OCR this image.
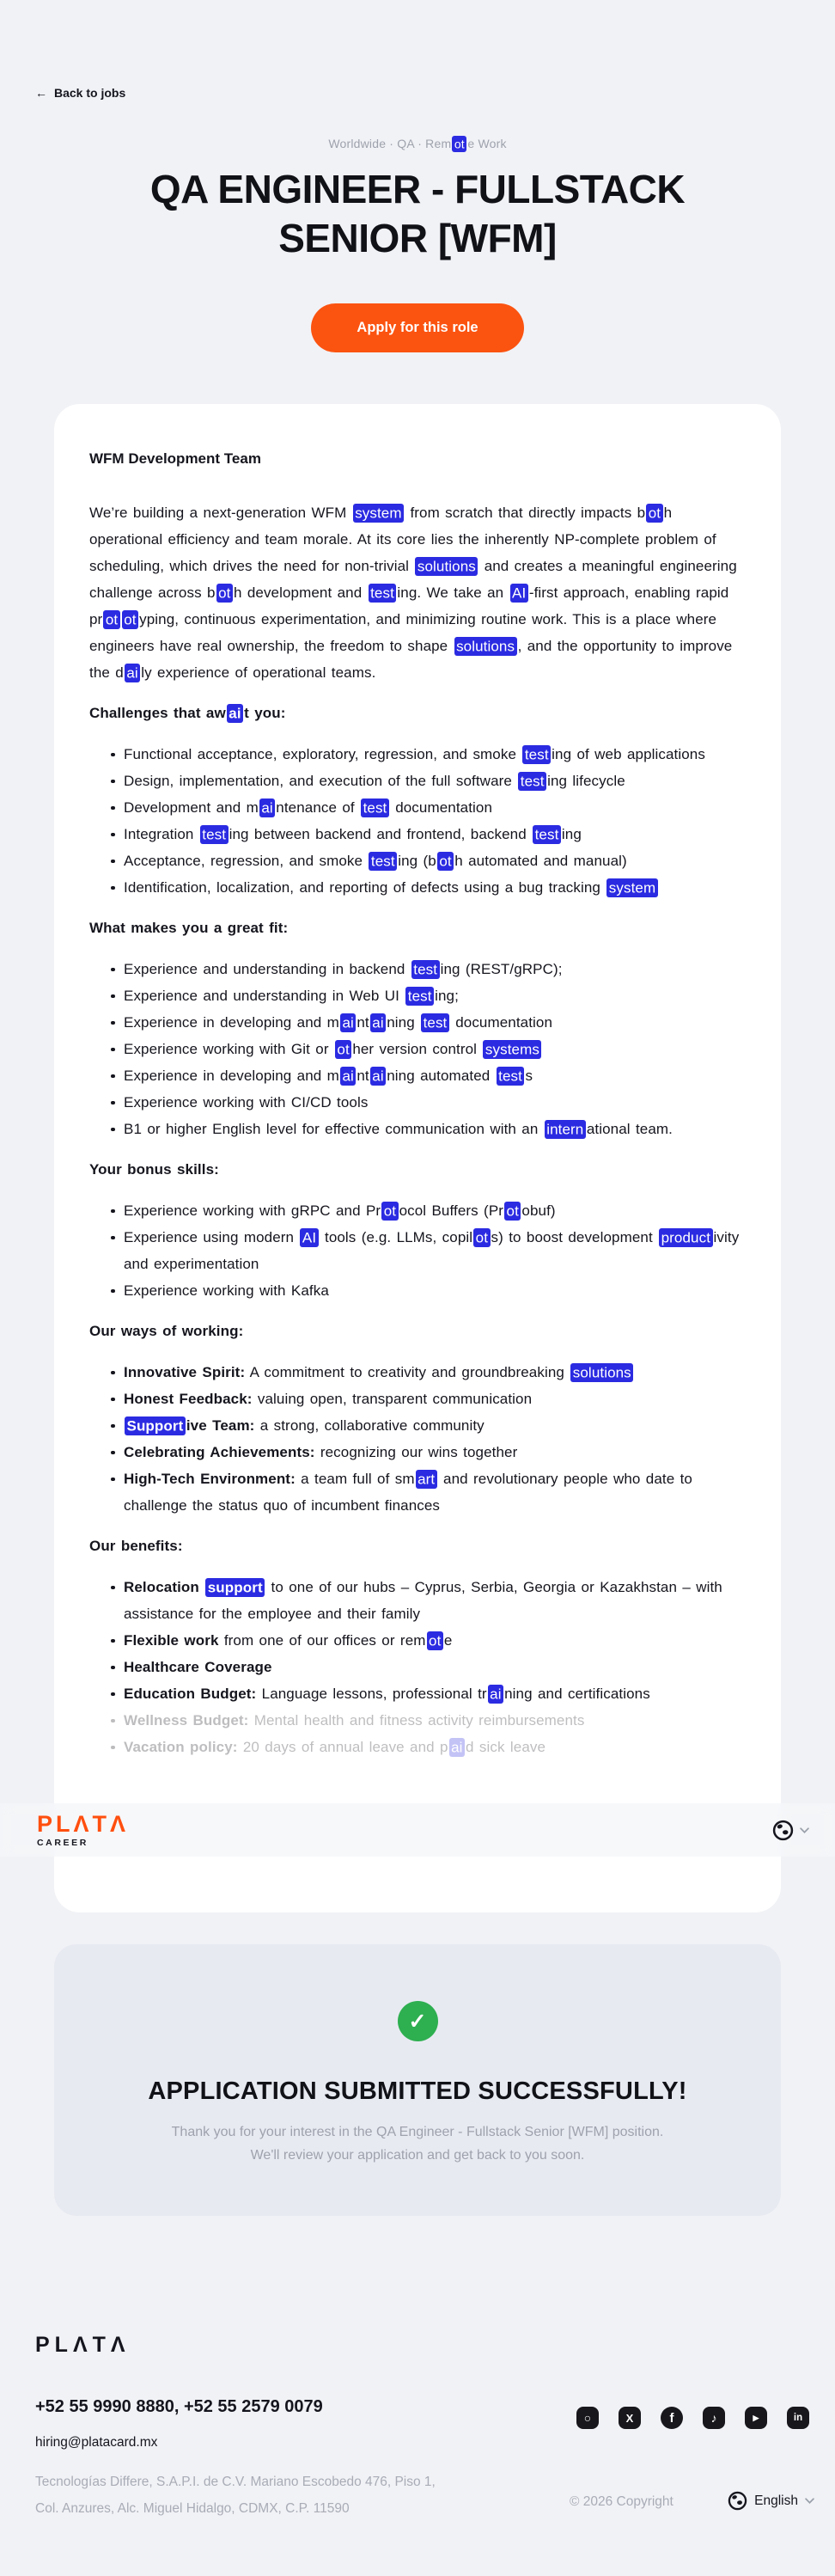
← Back to jobs
Worldwide · QA · Rem ot e Work
QA ENGINEER - FULLSTACK
SENIOR [WFM]
Apply for this role
WFM Development Team

We’re building a next-generation WFM system from scratch that directly impacts b ot h operational efficiency and team morale. At its core lies the inherently NP-complete problem of scheduling, which drives the need for non-trivial solutions and creates a meaningful engineering challenge across b ot h development and test ing. We take an AI -first approach, enabling rapid pr ot ot yping, continuous experimentation, and minimizing routine work. This is a place where engineers have real ownership, the freedom to shape solutions , and the opportunity to improve the d ai ly experience of operational teams.

Challenges that aw ai t you:
Functional acceptance, exploratory, regression, and smoke test ing of web applications
Design, implementation, and execution of the full software test ing lifecycle
Development and m ai ntenance of test documentation
Integration test ing between backend and frontend, backend test ing
Acceptance, regression, and smoke test ing (b ot h automated and manual)
Identification, localization, and reporting of defects using a bug tracking system
What makes you a great fit:
Experience and understanding in backend test ing (REST/gRPC);
Experience and understanding in Web UI test ing;
Experience in developing and m ai nt ai ning test documentation
Experience working with Git or ot her version control systems
Experience in developing and m ai nt ai ning automated test s
Experience working with CI/CD tools
B1 or higher English level for effective communication with an intern ational team.
Your bonus skills:
Experience working with gRPC and Pr ot ocol Buffers (Pr ot obuf)
Experience using modern AI tools (e.g. LLMs, copil ot s) to boost development product ivity and experimentation
Experience working with Kafka
Our ways of working:
Innovative Spirit: A commitment to creativity and groundbreaking solutions
Honest Feedback: valuing open, transparent communication
Support ive Team: a strong, collaborative community
Celebrating Achievements: recognizing our wins together
High-Tech Environment: a team full of sm art and revolutionary people who date to challenge the status quo of incumbent finances
Our benefits:
Relocation support to one of our hubs – Cyprus, Serbia, Georgia or Kazakhstan – with assistance for the employee and their family
Flexible work from one of our offices or rem ot e
Healthcare Coverage
Education Budget: Language lessons, professional tr ai ning and certifications
Wellness Budget: Mental health and fitness activity reimbursements
Vacation policy: 20 days of annual leave and p ai d sick leave
PLΛTΛ
CAREER
✓
APPLICATION SUBMITTED SUCCESSFULLY!

Thank you for your interest in the QA Engineer - Fullstack Senior [WFM] position.
We'll review your application and get back to you soon.

PLΛTΛ
+52 55 9990 8880, +52 55 2579 0079
hiring@platacard.mx
Tecnologías Differe, S.A.P.I. de C.V. Mariano Escobedo 476, Piso 1,
Col. Anzures, Alc. Miguel Hidalgo, CDMX, C.P. 11590
○	X	f	♪	▶	in
© 2026 Copyright	English
